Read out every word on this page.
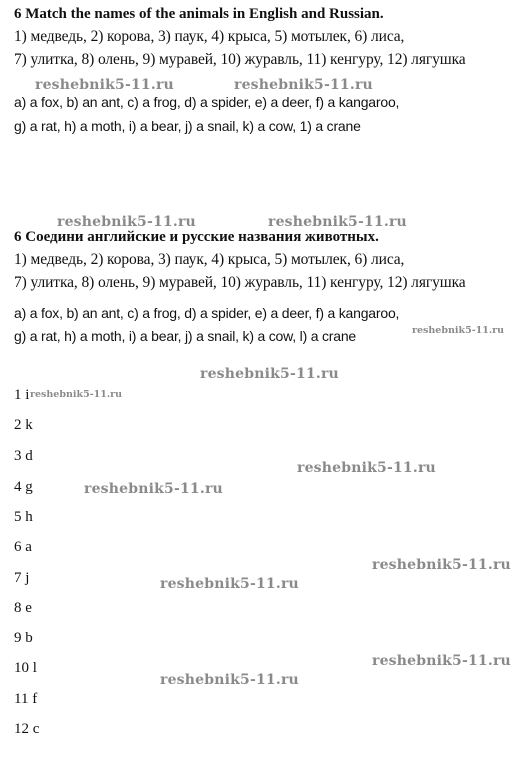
6 Match the names of the animals in English and Russian.
1) медведь, 2) корова, 3) паук, 4) крыса, 5) мотылек, 6) лиса,
7) улитка, 8) олень, 9) муравей, 10) журавль, 11) кенгуру, 12) лягушка
reshebnik5-11.ru	reshebnik5-11.ru
a) a fox, b) an ant, c) a frog, d) a spider, e) a deer, f) a kangaroo,
g) a rat, h) a moth, i) a bear, j) a snail, k) a cow, 1) a crane
reshebnik5-11.ru	reshebnik5-11.ru
6 Соедини английские и русские названия животных.
1) медведь, 2) корова, 3) паук, 4) крыса, 5) мотылек, 6) лиса,
7) улитка, 8) олень, 9) муравей, 10) журавль, 11) кенгуру, 12) лягушка
a) a fox, b) an ant, c) a frog, d) a spider, e) a deer, f) a kangaroo,
g) a rat, h) a moth, i) a bear, j) a snail, k) a cow, l) a crane	reshebnik5-11.ru
reshebnik5-11.ru
1 i reshebnik5-11.ru
2 k
3 d
reshebnik5-11.ru
4 g	reshebnik5-11.ru
5 h
6 a
reshebnik5-11.ru
7 j	reshebnik5-11.ru
8 e
9 b
reshebnik5-11.ru
10 l
reshebnik5-11.ru
11 f
12 c
